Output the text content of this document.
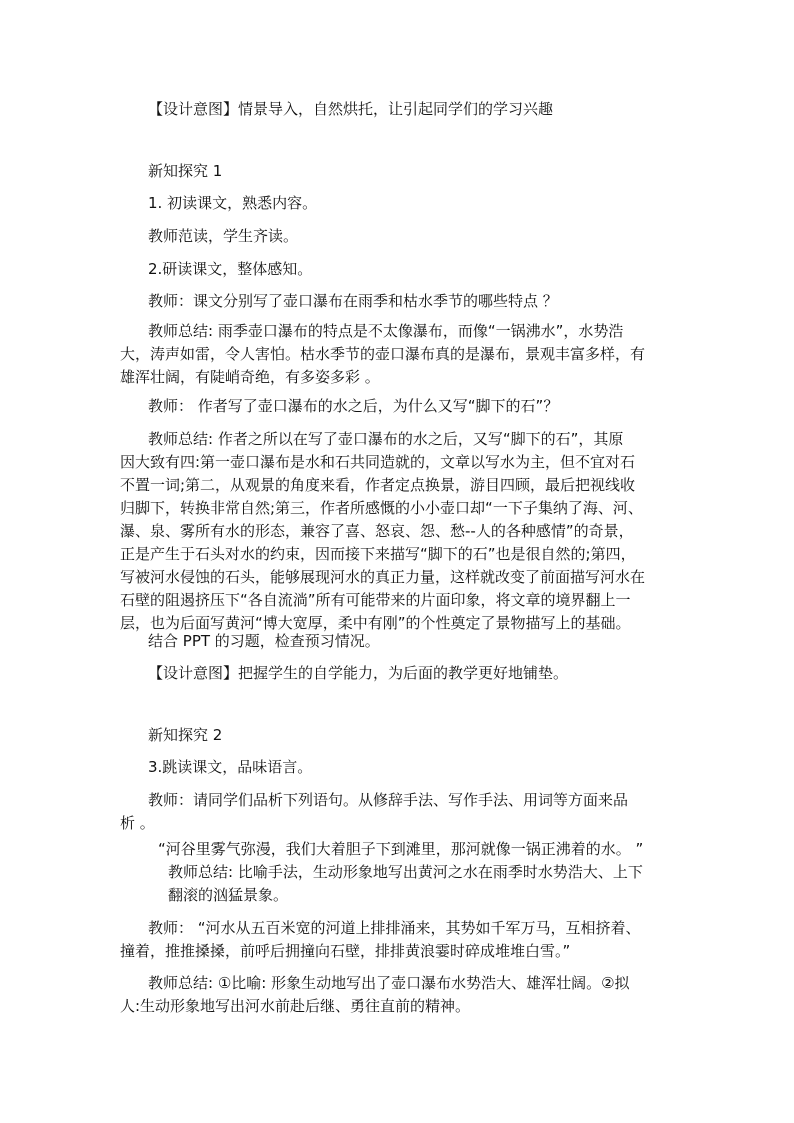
【设计意图】情景导入，自然烘托，让引起同学们的学习兴趣

新知探究 1

1. 初读课文，熟悉内容。

教师范读，学生齐读。

2.研读课文，整体感知。

教师：课文分别写了壶口瀑布在雨季和枯水季节的哪些特点 ？

教师总结: 雨季壶口瀑布的特点是不太像瀑布，而像“一锅沸水”，水势浩
大，涛声如雷，令人害怕。枯水季节的壶口瀑布真的是瀑布，景观丰富多样，有
雄浑壮阔，有陡峭奇绝，有多姿多彩 。

教师： 作者写了壶口瀑布的水之后，为什么又写“脚下的石”？

教师总结: 作者之所以在写了壶口瀑布的水之后，又写“脚下的石”，其原
因大致有四:第一壶口瀑布是水和石共同造就的，文章以写水为主，但不宜对石
不置一词;第二，从观景的角度来看，作者定点换景，游目四顾，最后把视线收
归脚下，转换非常自然;第三，作者所感慨的小小壶口却“一下子集纳了海、河、
瀑、泉、雾所有水的形态，兼容了喜、怒哀、怨、愁--人的各种感情”的奇景，
正是产生于石头对水的约束，因而接下来描写“脚下的石”也是很自然的;第四，
写被河水侵蚀的石头，能够展现河水的真正力量，这样就改变了前面描写河水在
石壁的阻遏挤压下“各自流淌”所有可能带来的片面印象，将文章的境界翻上一
层，也为后面写黄河“博大宽厚，柔中有刚”的个性奠定了景物描写上的基础。

结合 PPT 的习题，检查预习情况。

【设计意图】把握学生的自学能力，为后面的教学更好地铺垫。

新知探究 2

3.跳读课文，品味语言。

教师：请同学们品析下列语句。从修辞手法、写作手法、用词等方面来品
析 。

“河谷里雾气弥漫，我们大着胆子下到滩里，那河就像一锅正沸着的水。 ”

教师总结: 比喻手法，生动形象地写出黄河之水在雨季时水势浩大、上下
翻滚的汹猛景象。
教师： “河水从五百米宽的河道上排排涌来，其势如千军万马，互相挤着、
撞着，推推搡搡，前呼后拥撞向石壁，排排黄浪霎时碎成堆堆白雪。”
教师总结: ①比喻: 形象生动地写出了壶口瀑布水势浩大、雄浑壮阔。②拟
人:生动形象地写出河水前赴后继、勇往直前的精神。
